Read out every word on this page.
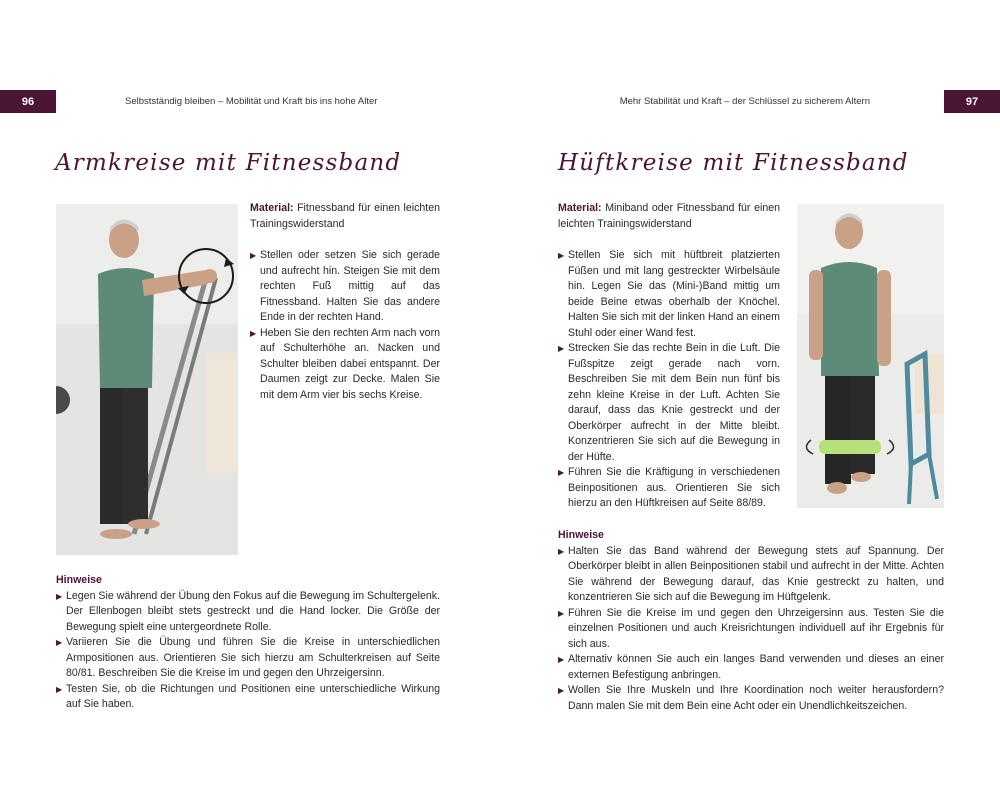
96	Selbstständig bleiben – Mobilität und Kraft bis ins hohe Alter	Mehr Stabilität und Kraft – der Schlüssel zu sicherem Altern	97
Armkreise mit Fitnessband

Material: Fitnessband für einen leichten Trainingswiderstand

▶ Stellen oder setzen Sie sich gerade und aufrecht hin. Steigen Sie mit dem rechten Fuß mittig auf das Fitnessband. Halten Sie das andere Ende in der rechten Hand.
▶ Heben Sie den rechten Arm nach vorn auf Schulterhöhe an. Nacken und Schulter bleiben dabei entspannt. Der Daumen zeigt zur Decke. Malen Sie mit dem Arm vier bis sechs Kreise.
Hinweise
▶ Legen Sie während der Übung den Fokus auf die Bewegung im Schultergelenk. Der Ellenbogen bleibt stets gestreckt und die Hand locker. Die Größe der Bewegung spielt eine untergeordnete Rolle.
▶ Variieren Sie die Übung und führen Sie die Kreise in unterschiedlichen Armpositionen aus. Orientieren Sie sich hierzu am Schulterkreisen auf Seite 80/81. Beschreiben Sie die Kreise im und gegen den Uhrzeigersinn.
▶ Testen Sie, ob die Richtungen und Positionen eine unterschiedliche Wirkung auf Sie haben.
Hüftkreise mit Fitnessband

Material: Miniband oder Fitnessband für einen leichten Trainingswiderstand

▶ Stellen Sie sich mit hüftbreit platzierten Füßen und mit lang gestreckter Wirbelsäule hin. Legen Sie das (Mini-)Band mittig um beide Beine etwas oberhalb der Knöchel. Halten Sie sich mit der linken Hand an einem Stuhl oder einer Wand fest.
▶ Strecken Sie das rechte Bein in die Luft. Die Fußspitze zeigt gerade nach vorn. Beschreiben Sie mit dem Bein nun fünf bis zehn kleine Kreise in der Luft. Achten Sie darauf, dass das Knie gestreckt und der Oberkörper aufrecht in der Mitte bleibt. Konzentrieren Sie sich auf die Bewegung in der Hüfte.
▶ Führen Sie die Kräftigung in verschiedenen Beinpositionen aus. Orientieren Sie sich hierzu an den Hüftkreisen auf Seite 88/89.
Hinweise
▶ Halten Sie das Band während der Bewegung stets auf Spannung. Der Oberkörper bleibt in allen Beinpositionen stabil und aufrecht in der Mitte. Achten Sie während der Bewegung darauf, das Knie gestreckt zu halten, und konzentrieren Sie sich auf die Bewegung im Hüftgelenk.
▶ Führen Sie die Kreise im und gegen den Uhrzeigersinn aus. Testen Sie die einzelnen Positionen und auch Kreisrichtungen individuell auf ihr Ergebnis für sich aus.
▶ Alternativ können Sie auch ein langes Band verwenden und dieses an einer externen Befestigung anbringen.
▶ Wollen Sie Ihre Muskeln und Ihre Koordination noch weiter herausfordern? Dann malen Sie mit dem Bein eine Acht oder ein Unendlichkeitszeichen.
